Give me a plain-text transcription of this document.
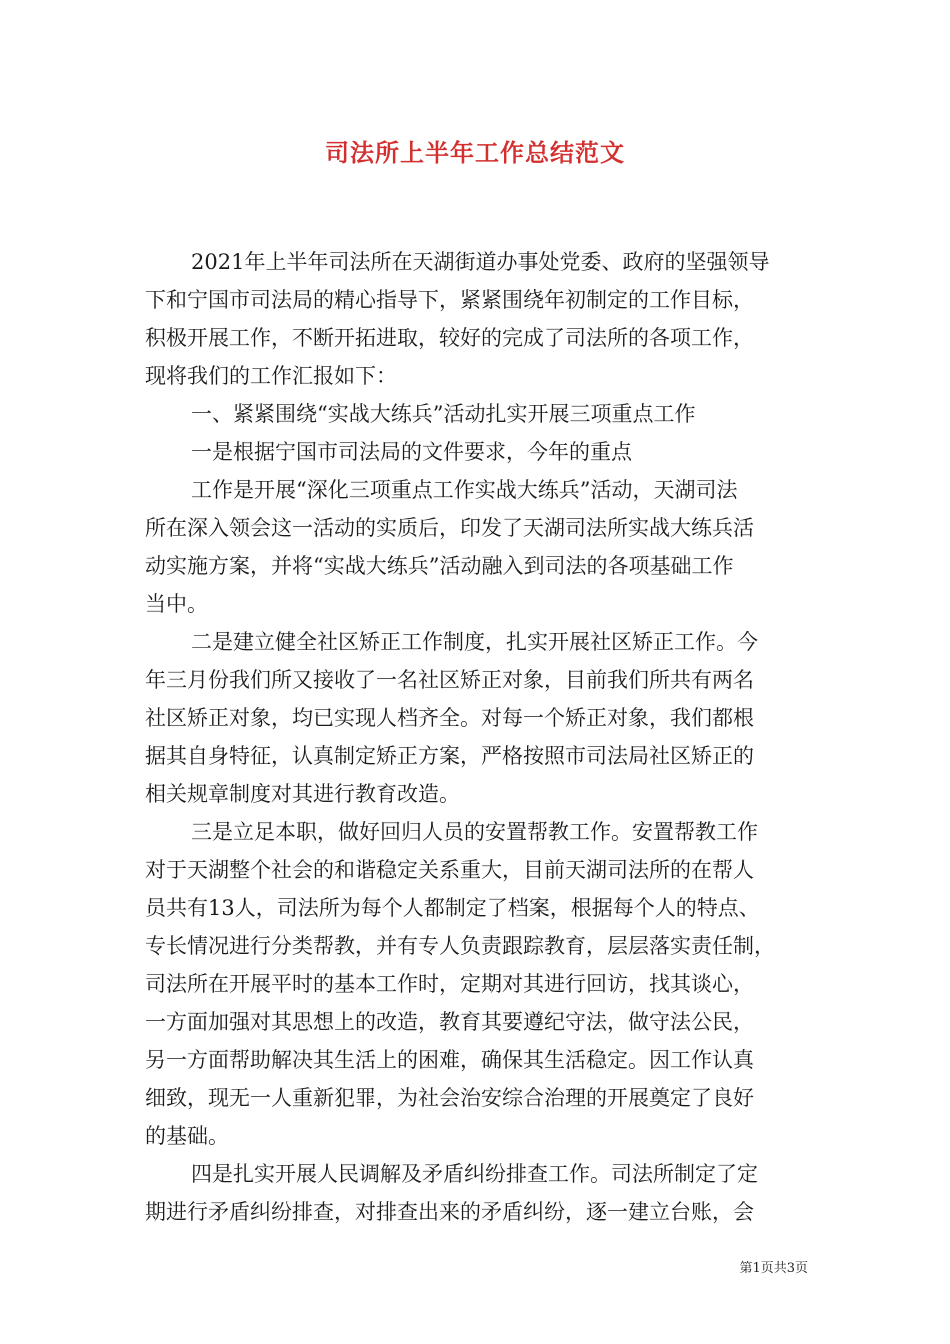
司法所上半年工作总结范文
2021年上半年司法所在天湖街道办事处党委、政府的坚强领导
下和宁国市司法局的精心指导下，紧紧围绕年初制定的工作目标，
积极开展工作，不断开拓进取，较好的完成了司法所的各项工作，
现将我们的工作汇报如下：
一、紧紧围绕“实战大练兵”活动扎实开展三项重点工作
一是根据宁国市司法局的文件要求，今年的重点
工作是开展“深化三项重点工作实战大练兵”活动，天湖司法
所在深入领会这一活动的实质后，印发了天湖司法所实战大练兵活
动实施方案，并将“实战大练兵”活动融入到司法的各项基础工作
当中。
二是建立健全社区矫正工作制度，扎实开展社区矫正工作。今
年三月份我们所又接收了一名社区矫正对象，目前我们所共有两名
社区矫正对象，均已实现人档齐全。对每一个矫正对象，我们都根
据其自身特征，认真制定矫正方案，严格按照市司法局社区矫正的
相关规章制度对其进行教育改造。
三是立足本职，做好回归人员的安置帮教工作。安置帮教工作
对于天湖整个社会的和谐稳定关系重大，目前天湖司法所的在帮人
员共有13人，司法所为每个人都制定了档案，根据每个人的特点、
专长情况进行分类帮教，并有专人负责跟踪教育，层层落实责任制，
司法所在开展平时的基本工作时，定期对其进行回访，找其谈心，
一方面加强对其思想上的改造，教育其要遵纪守法，做守法公民，
另一方面帮助解决其生活上的困难，确保其生活稳定。因工作认真
细致，现无一人重新犯罪，为社会治安综合治理的开展奠定了良好
的基础。
四是扎实开展人民调解及矛盾纠纷排查工作。司法所制定了定
期进行矛盾纠纷排查，对排查出来的矛盾纠纷，逐一建立台账，会
第1页共3页
